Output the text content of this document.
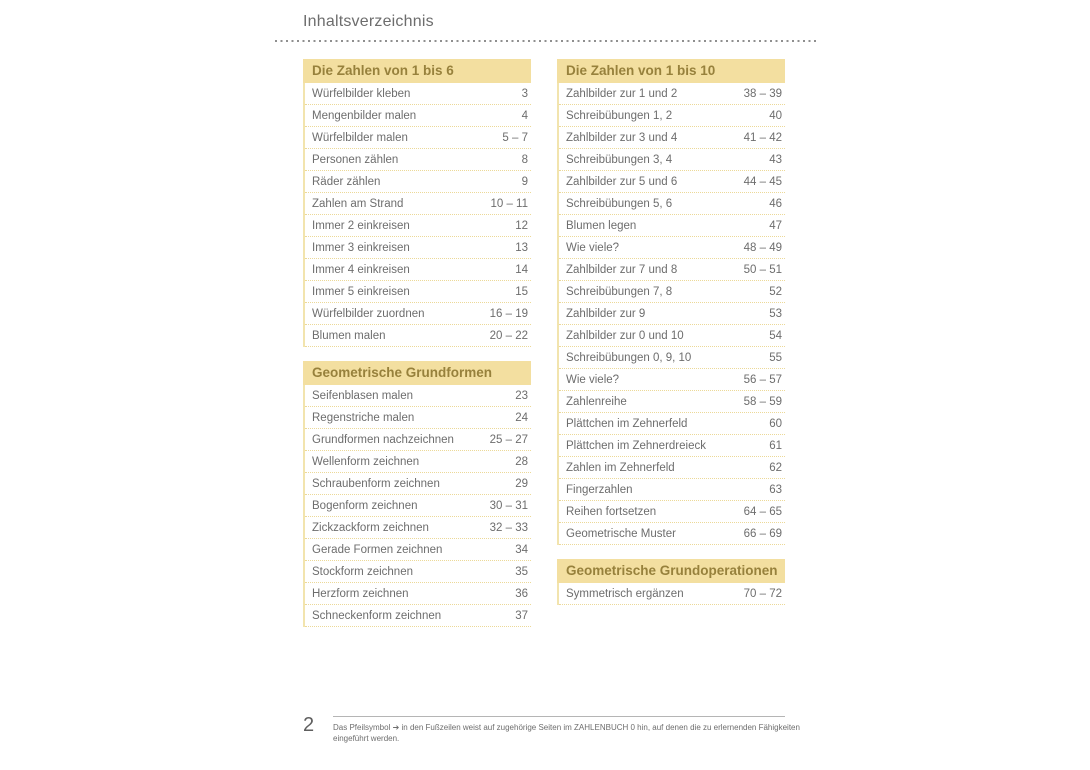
Inhaltsverzeichnis
Die Zahlen von 1 bis 6
Würfelbilder kleben	3
Mengenbilder malen	4
Würfelbilder malen	5 – 7
Personen zählen	8
Räder zählen	9
Zahlen am Strand	10 – 11
Immer 2 einkreisen	12
Immer 3 einkreisen	13
Immer 4 einkreisen	14
Immer 5 einkreisen	15
Würfelbilder zuordnen	16 – 19
Blumen malen	20 – 22
Geometrische Grundformen
Seifenblasen malen	23
Regenstriche malen	24
Grundformen nachzeichnen	25 – 27
Wellenform zeichnen	28
Schraubenform zeichnen	29
Bogenform zeichnen	30 – 31
Zickzackform zeichnen	32 – 33
Gerade Formen zeichnen	34
Stockform zeichnen	35
Herzform zeichnen	36
Schneckenform zeichnen	37
Die Zahlen von 1 bis 10
Zahlbilder zur 1 und 2	38 – 39
Schreibübungen 1, 2	40
Zahlbilder zur 3 und 4	41 – 42
Schreibübungen 3, 4	43
Zahlbilder zur 5 und 6	44 – 45
Schreibübungen 5, 6	46
Blumen legen	47
Wie viele?	48 – 49
Zahlbilder zur 7 und 8	50 – 51
Schreibübungen 7, 8	52
Zahlbilder zur 9	53
Zahlbilder zur 0 und 10	54
Schreibübungen 0, 9, 10	55
Wie viele?	56 – 57
Zahlenreihe	58 – 59
Plättchen im Zehnerfeld	60
Plättchen im Zehnerdreieck	61
Zahlen im Zehnerfeld	62
Fingerzahlen	63
Reihen fortsetzen	64 – 65
Geometrische Muster	66 – 69
Geometrische Grundoperationen
Symmetrisch ergänzen	70 – 72
2 Das Pfeilsymbol ➔ in den Fußzeilen weist auf zugehörige Seiten im ZAHLENBUCH 0 hin, auf denen die zu erlernenden Fähigkeiten
eingeführt werden.
